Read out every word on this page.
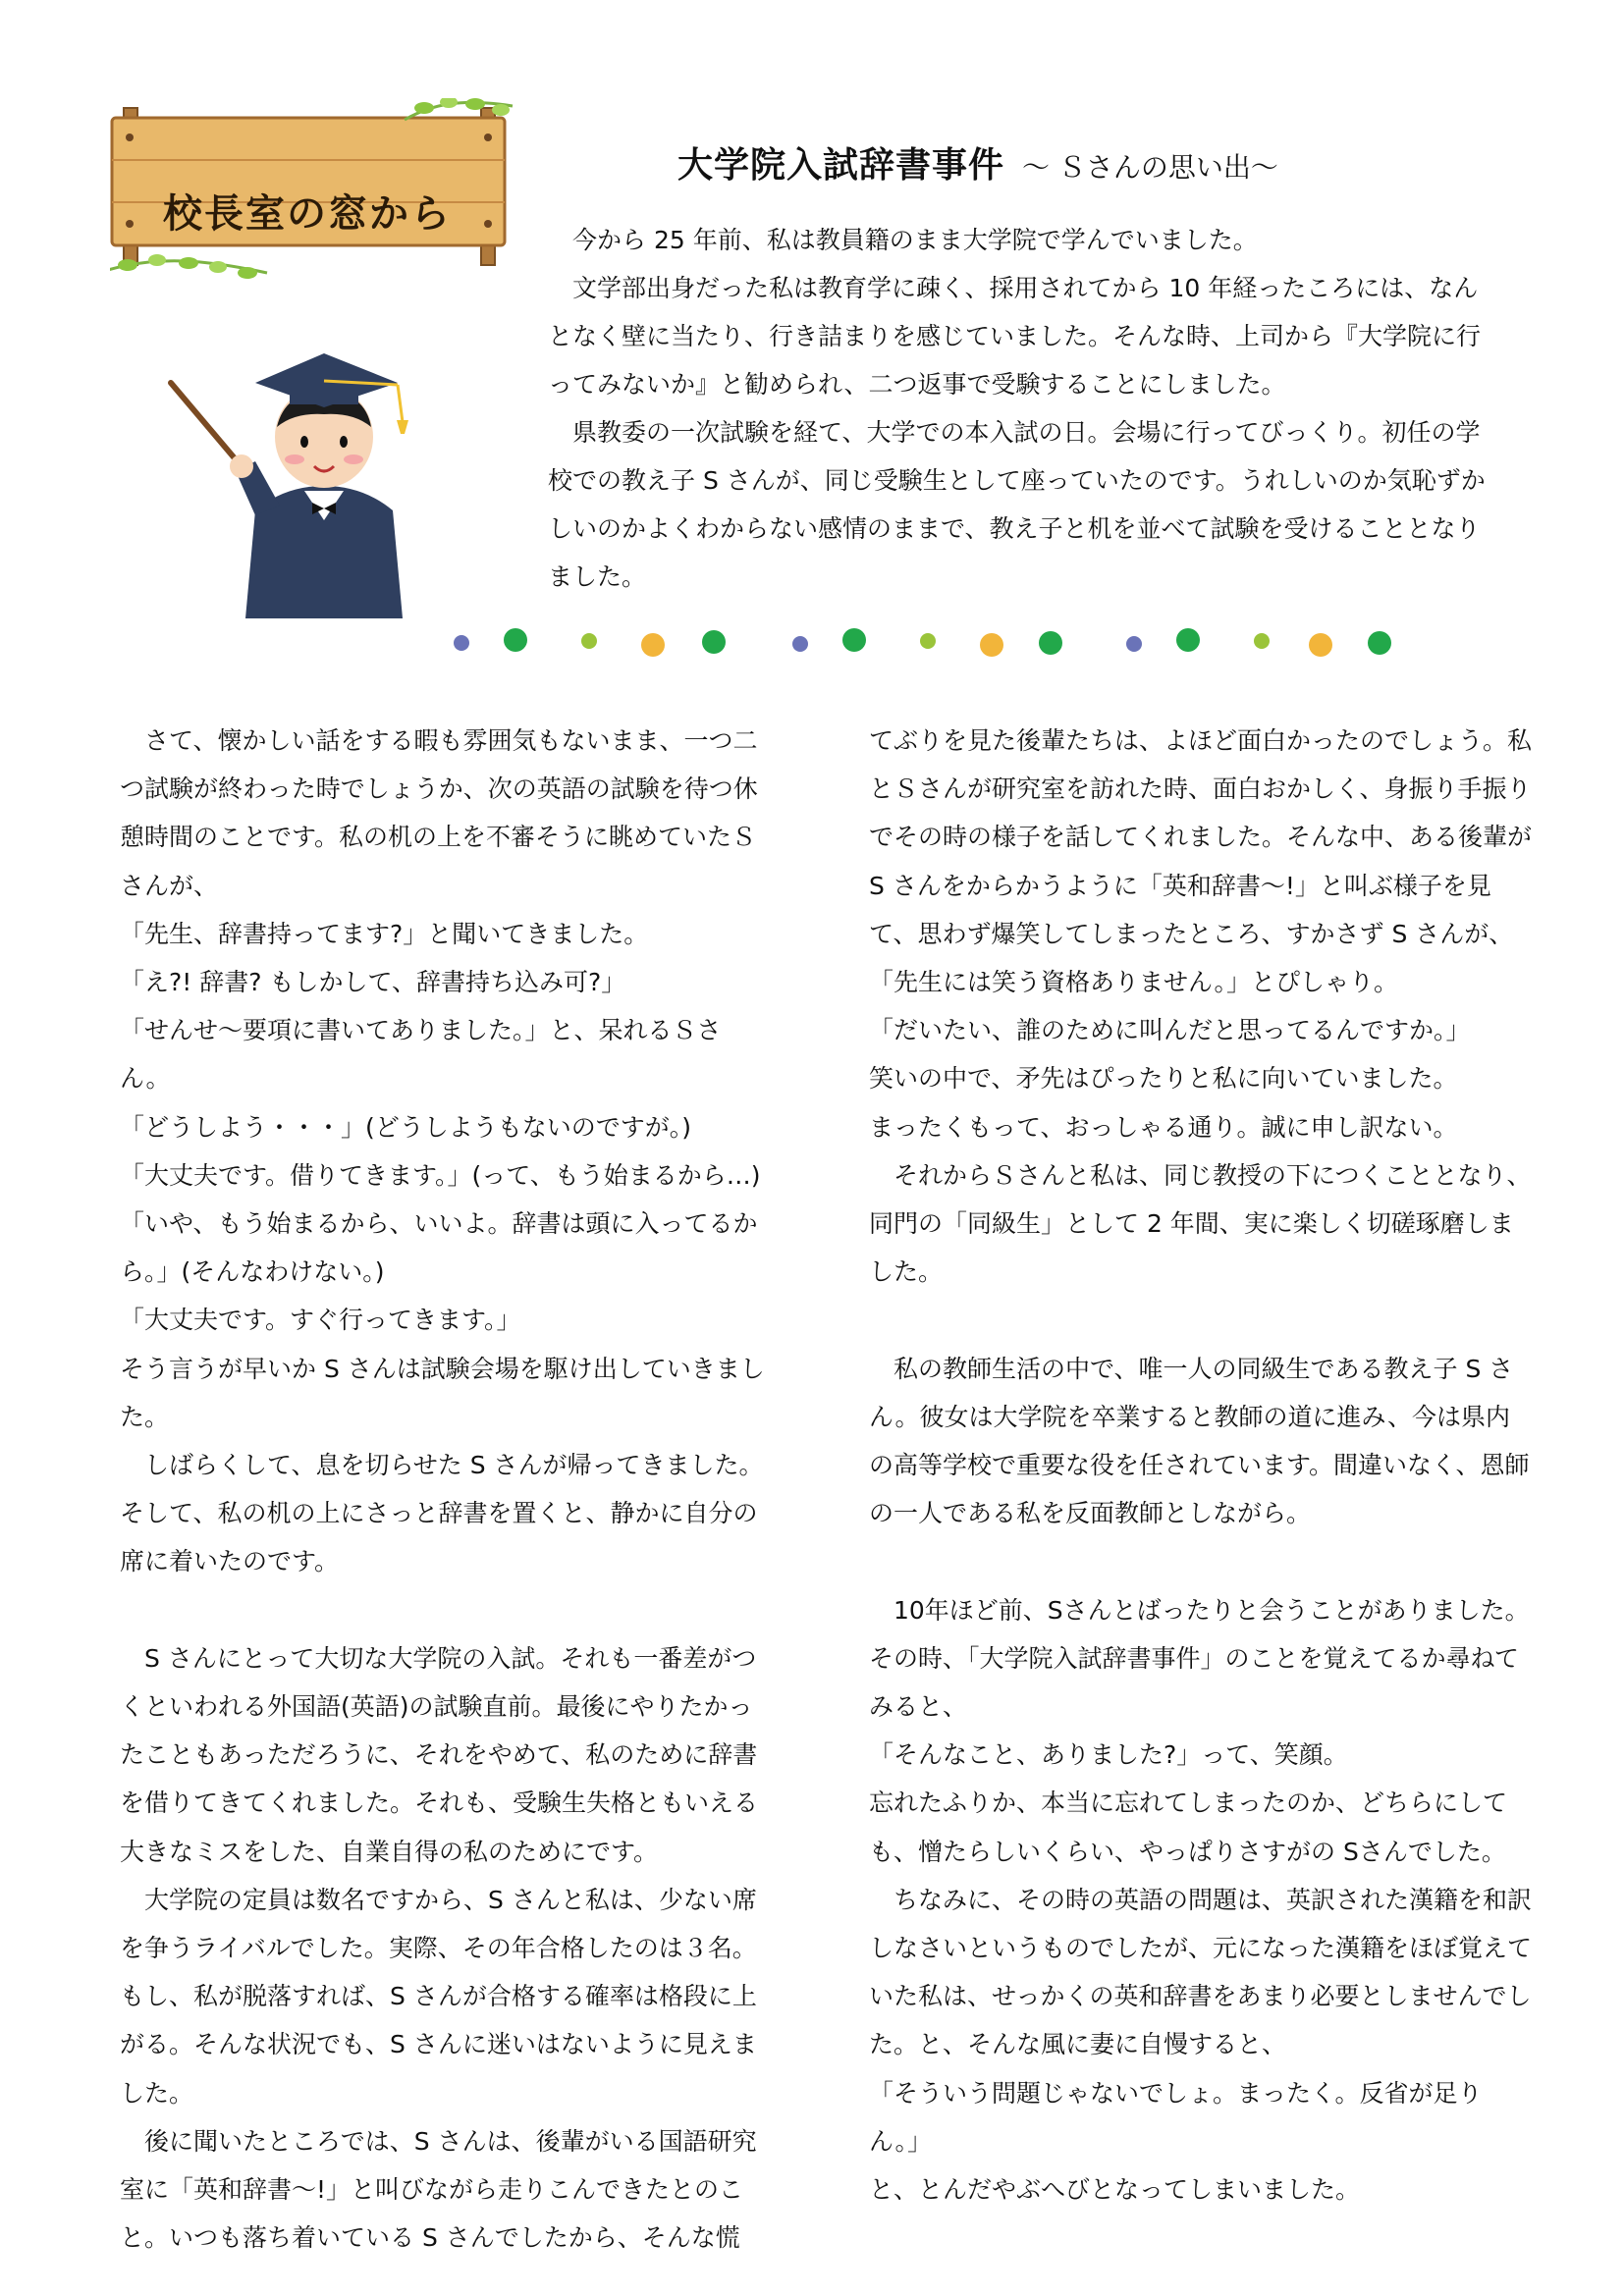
校長室の窓から
大学院入試辞書事件 ～ Ｓさんの思い出～

今から 25 年前、私は教員籍のまま大学院で学んでいました。

文学部出身だった私は教育学に疎く、採用されてから 10 年経ったころには、なんとなく壁に当たり、行き詰まりを感じていました。そんな時、上司から『大学院に行ってみないか』と勧められ、二つ返事で受験することにしました。

県教委の一次試験を経て、大学での本入試の日。会場に行ってびっくり。初任の学校での教え子 S さんが、同じ受験生として座っていたのです。うれしいのか気恥ずかしいのかよくわからない感情のままで、教え子と机を並べて試験を受けることとなりました。

さて、懐かしい話をする暇も雰囲気もないまま、一つ二つ試験が終わった時でしょうか、次の英語の試験を待つ休憩時間のことです。私の机の上を不審そうに眺めていたＳさんが、

「先生、辞書持ってます?」と聞いてきました。

「え?! 辞書? もしかして、辞書持ち込み可?」

「せんせ～要項に書いてありました。」と、呆れるＳさん。

「どうしよう・・・」(どうしようもないのですが。)

「大丈夫です。借りてきます。」(って、もう始まるから…)

「いや、もう始まるから、いいよ。辞書は頭に入ってるから。」(そんなわけない。)

「大丈夫です。すぐ行ってきます。」

そう言うが早いか S さんは試験会場を駆け出していきました。

しばらくして、息を切らせた S さんが帰ってきました。そして、私の机の上にさっと辞書を置くと、静かに自分の席に着いたのです。

S さんにとって大切な大学院の入試。それも一番差がつくといわれる外国語(英語)の試験直前。最後にやりたかったこともあっただろうに、それをやめて、私のために辞書を借りてきてくれました。それも、受験生失格ともいえる大きなミスをした、自業自得の私のためにです。

大学院の定員は数名ですから、S さんと私は、少ない席を争うライバルでした。実際、その年合格したのは３名。もし、私が脱落すれば、S さんが合格する確率は格段に上がる。そんな状況でも、S さんに迷いはないように見えました。

後に聞いたところでは、S さんは、後輩がいる国語研究室に「英和辞書～!」と叫びながら走りこんできたとのこと。いつも落ち着いている S さんでしたから、そんな慌

てぶりを見た後輩たちは、よほど面白かったのでしょう。私とＳさんが研究室を訪れた時、面白おかしく、身振り手振りでその時の様子を話してくれました。そんな中、ある後輩が S さんをからかうように「英和辞書～!」と叫ぶ様子を見て、思わず爆笑してしまったところ、すかさず S さんが、

「先生には笑う資格ありません。」とぴしゃり。

「だいたい、誰のために叫んだと思ってるんですか。」

笑いの中で、矛先はぴったりと私に向いていました。

まったくもって、おっしゃる通り。誠に申し訳ない。

それからＳさんと私は、同じ教授の下につくこととなり、同門の「同級生」として 2 年間、実に楽しく切磋琢磨しました。

私の教師生活の中で、唯一人の同級生である教え子 S さん。彼女は大学院を卒業すると教師の道に進み、今は県内の高等学校で重要な役を任されています。間違いなく、恩師の一人である私を反面教師としながら。

10年ほど前、Sさんとばったりと会うことがありました。その時、「大学院入試辞書事件」のことを覚えてるか尋ねてみると、

「そんなこと、ありました?」って、笑顔。

忘れたふりか、本当に忘れてしまったのか、どちらにしても、憎たらしいくらい、やっぱりさすがの Sさんでした。

ちなみに、その時の英語の問題は、英訳された漢籍を和訳しなさいというものでしたが、元になった漢籍をほぼ覚えていた私は、せっかくの英和辞書をあまり必要としませんでした。と、そんな風に妻に自慢すると、

「そういう問題じゃないでしょ。まったく。反省が足りん。」

と、とんだやぶへびとなってしまいました。
